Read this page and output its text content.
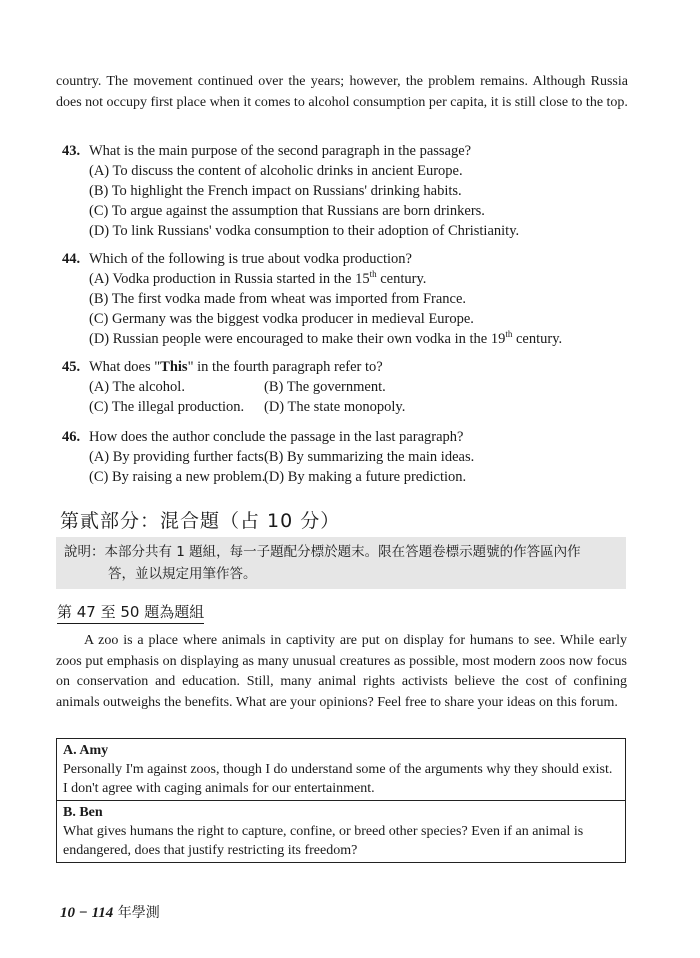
country. The movement continued over the years; however, the problem remains. Although Russia does not occupy first place when it comes to alcohol consumption per capita, it is still close to the top.

43. What is the main purpose of the second paragraph in the passage?
(A) To discuss the content of alcoholic drinks in ancient Europe.
(B) To highlight the French impact on Russians' drinking habits.
(C) To argue against the assumption that Russians are born drinkers.
(D) To link Russians' vodka consumption to their adoption of Christianity.
44. Which of the following is true about vodka production?
(A) Vodka production in Russia started in the 15th century.
(B) The first vodka made from wheat was imported from France.
(C) Germany was the biggest vodka producer in medieval Europe.
(D) Russian people were encouraged to make their own vodka in the 19th century.
45. What does "This" in the fourth paragraph refer to?
(A) The alcohol.	(B) The government.
(C) The illegal production.	(D) The state monopoly.
46. How does the author conclude the passage in the last paragraph?
(A) By providing further facts.
(B) By summarizing the main ideas.
(C) By raising a new problem.
(D) By making a future prediction.
第貳部分：混合題（占 10 分）
說明：本部分共有 1 題組，每一子題配分標於題末。限在答題卷標示題號的作答區內作
答，並以規定用筆作答。
第 47 至 50 題為題組

A zoo is a place where animals in captivity are put on display for humans to see. While early zoos put emphasis on displaying as many unusual creatures as possible, most modern zoos now focus on conservation and education. Still, many animal rights activists believe the cost of confining animals outweighs the benefits. What are your opinions? Feel free to share your ideas on this forum.

A. Amy
Personally I'm against zoos, though I do understand some of the arguments why they should exist. I don't agree with caging animals for our entertainment.
B. Ben
What gives humans the right to capture, confine, or breed other species? Even if an animal is endangered, does that justify restricting its freedom?
10 − 114 年學測
